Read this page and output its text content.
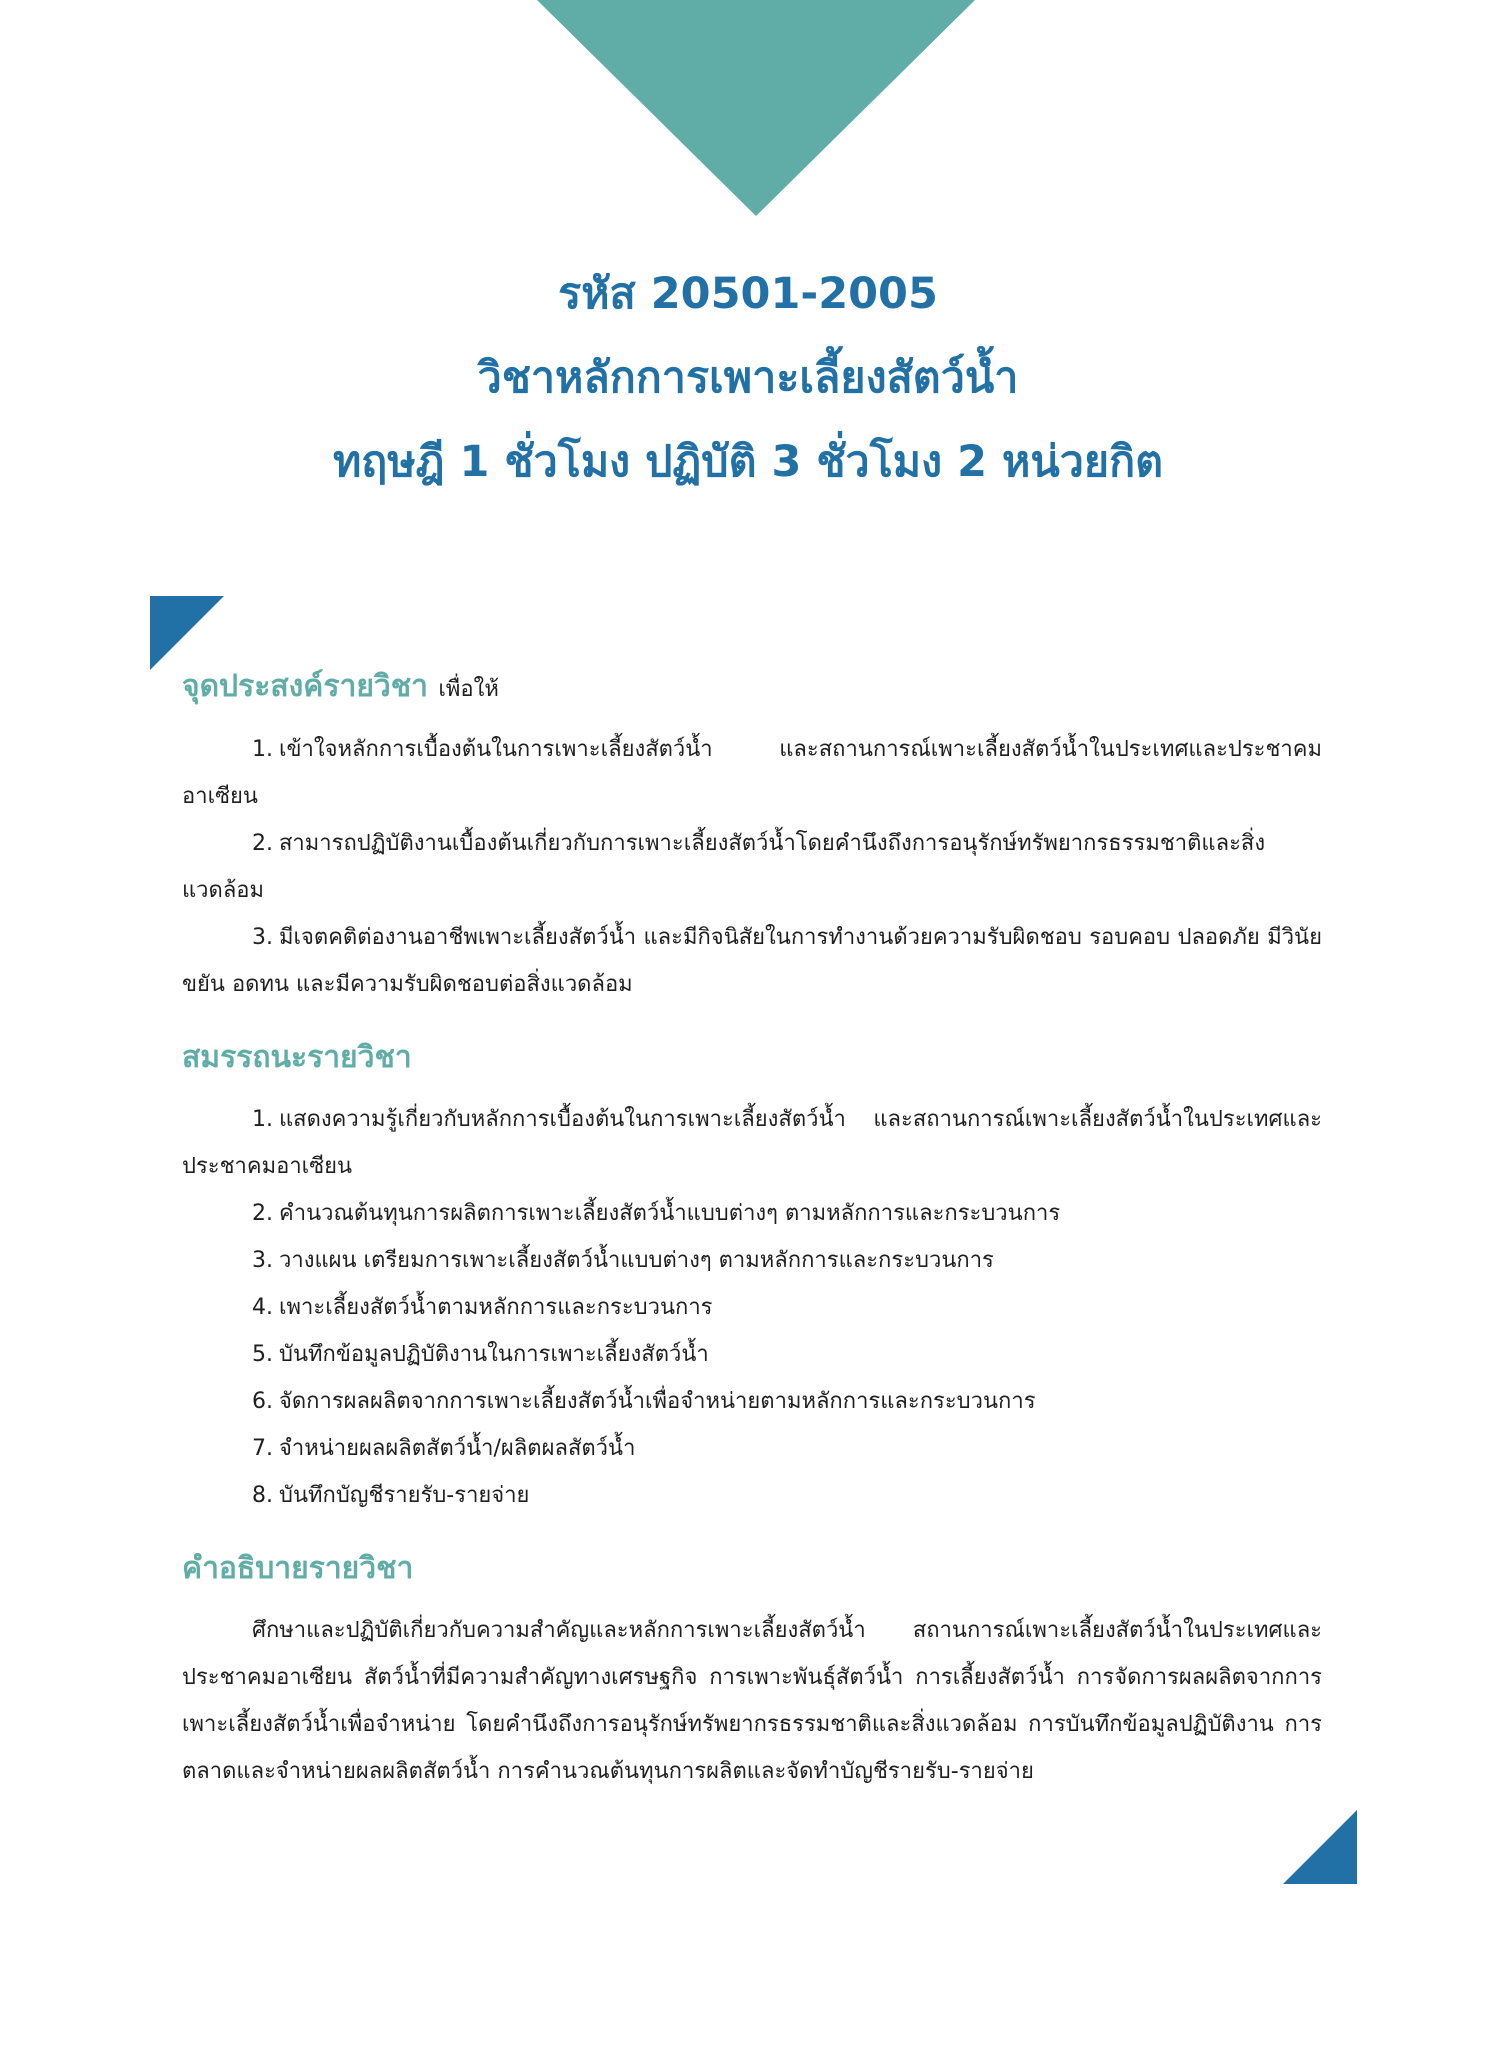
รหัส 20501-2005
วิชาหลักการเพาะเลี้ยงสัตว์น้ำ
ทฤษฎี 1 ชั่วโมง ปฏิบัติ 3 ชั่วโมง 2 หน่วยกิต
จุดประสงค์รายวิชา เพื่อให้
1. เข้าใจหลักการเบื้องต้นในการเพาะเลี้ยงสัตว์น้ำ และสถานการณ์เพาะเลี้ยงสัตว์น้ำในประเทศและประชาคมอาเซียน
2. สามารถปฏิบัติงานเบื้องต้นเกี่ยวกับการเพาะเลี้ยงสัตว์น้ำโดยคำนึงถึงการอนุรักษ์ทรัพยากรธรรมชาติและสิ่งแวดล้อม
3. มีเจตคติต่องานอาชีพเพาะเลี้ยงสัตว์น้ำ และมีกิจนิสัยในการทำงานด้วยความรับผิดชอบ รอบคอบ ปลอดภัย มีวินัย ขยัน อดทน และมีความรับผิดชอบต่อสิ่งแวดล้อม
สมรรถนะรายวิชา
1. แสดงความรู้เกี่ยวกับหลักการเบื้องต้นในการเพาะเลี้ยงสัตว์น้ำ และสถานการณ์เพาะเลี้ยงสัตว์น้ำในประเทศและประชาคมอาเซียน
2. คำนวณต้นทุนการผลิตการเพาะเลี้ยงสัตว์น้ำแบบต่างๆ ตามหลักการและกระบวนการ
3. วางแผน เตรียมการเพาะเลี้ยงสัตว์น้ำแบบต่างๆ ตามหลักการและกระบวนการ
4. เพาะเลี้ยงสัตว์น้ำตามหลักการและกระบวนการ
5. บันทึกข้อมูลปฏิบัติงานในการเพาะเลี้ยงสัตว์น้ำ
6. จัดการผลผลิตจากการเพาะเลี้ยงสัตว์น้ำเพื่อจำหน่ายตามหลักการและกระบวนการ
7. จำหน่ายผลผลิตสัตว์น้ำ/ผลิตผลสัตว์น้ำ
8. บันทึกบัญชีรายรับ-รายจ่าย
คำอธิบายรายวิชา

ศึกษาและปฏิบัติเกี่ยวกับความสำคัญและหลักการเพาะเลี้ยงสัตว์น้ำ สถานการณ์เพาะเลี้ยงสัตว์น้ำในประเทศและประชาคมอาเซียน สัตว์น้ำที่มีความสำคัญทางเศรษฐกิจ การเพาะพันธุ์สัตว์น้ำ การเลี้ยงสัตว์น้ำ การจัดการผลผลิตจากการเพาะเลี้ยงสัตว์น้ำเพื่อจำหน่าย โดยคำนึงถึงการอนุรักษ์ทรัพยากรธรรมชาติและสิ่งแวดล้อม การบันทึกข้อมูลปฏิบัติงาน การตลาดและจำหน่ายผลผลิตสัตว์น้ำ การคำนวณต้นทุนการผลิตและจัดทำบัญชีรายรับ-รายจ่าย
